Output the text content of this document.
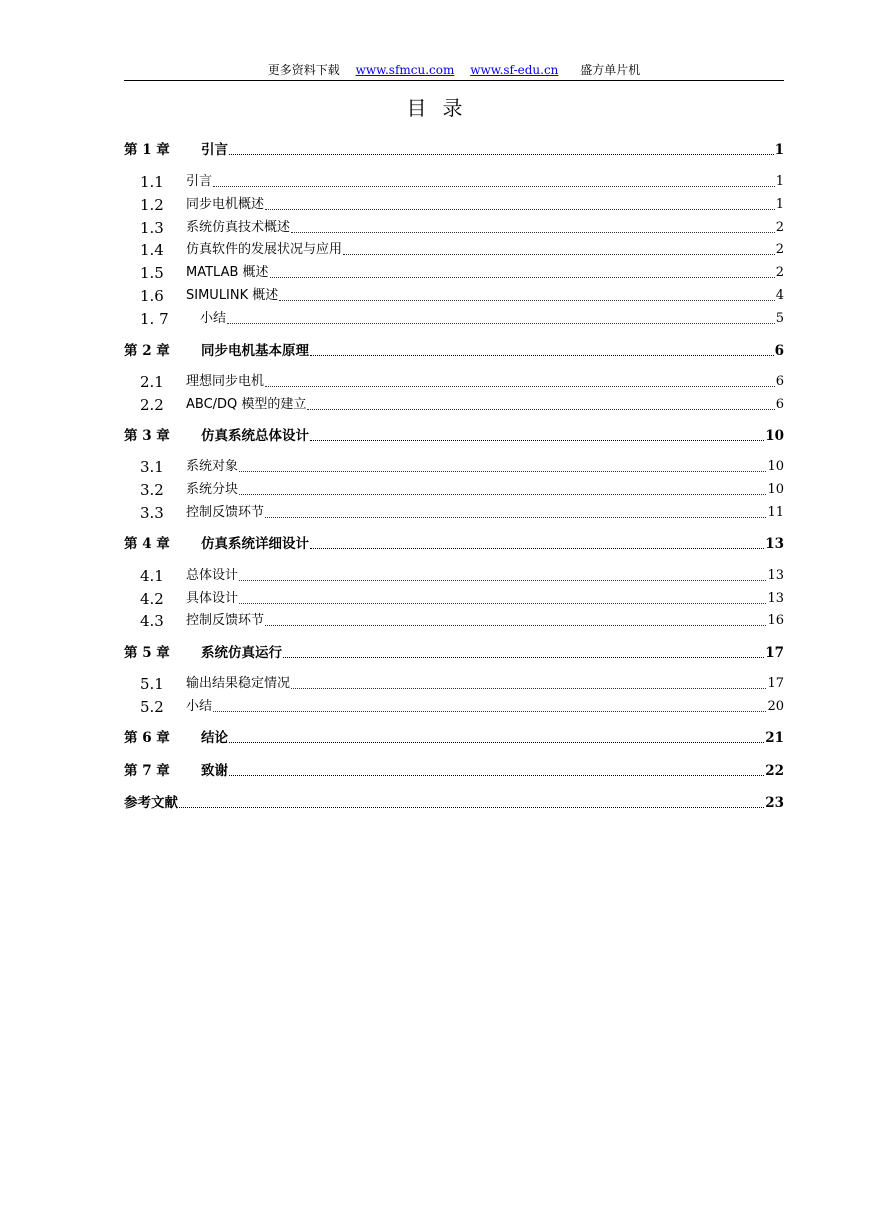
更多资料下载 www.sfmcu.com www.sf-edu.cn 盛方单片机
目录
第 1 章	引言	1
1.1	引言	1
1.2	同步电机概述	1
1.3	系统仿真技术概述	2
1.4	仿真软件的发展状况与应用	2
1.5	MATLAB 概述	2
1.6	SIMULINK 概述	4
1. 7	小结	5
第 2 章	同步电机基本原理	6
2.1	理想同步电机	6
2.2	ABC/DQ 模型的建立	6
第 3 章	仿真系统总体设计	10
3.1	系统对象	10
3.2	系统分块	10
3.3	控制反馈环节	11
第 4 章	仿真系统详细设计	13
4.1	总体设计	13
4.2	具体设计	13
4.3	控制反馈环节	16
第 5 章	系统仿真运行	17
5.1	输出结果稳定情况	17
5.2	小结	20
第 6 章	结论	21
第 7 章	致谢	22
参考文献	23
